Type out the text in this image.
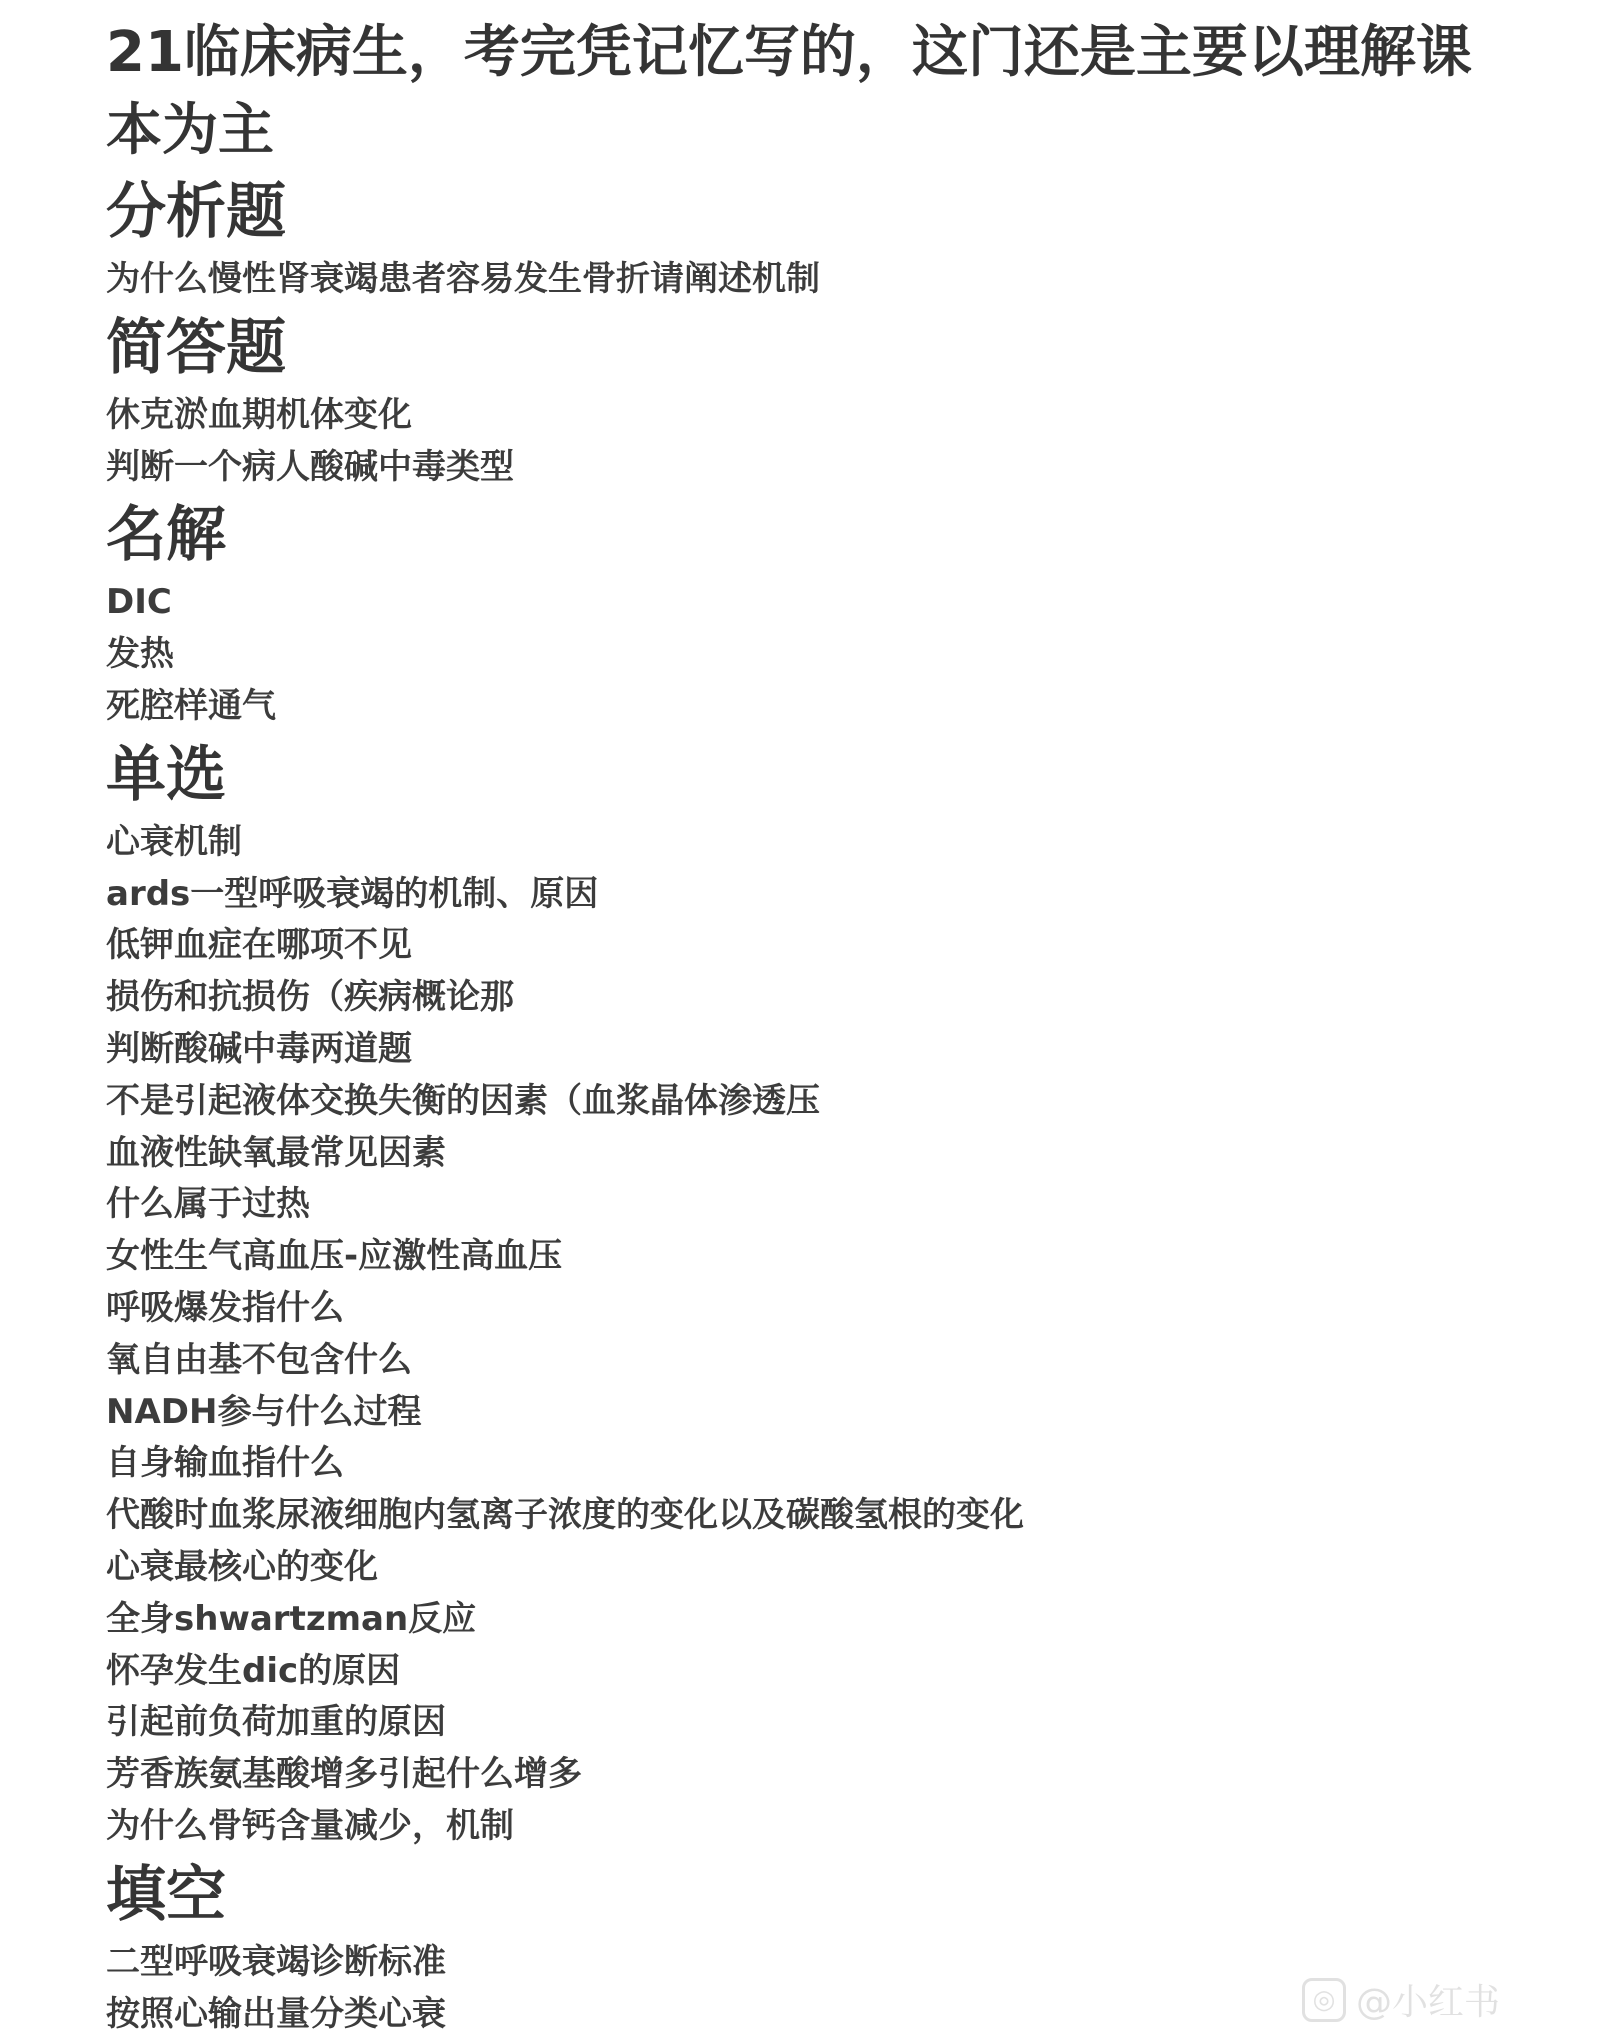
21临床病生，考完凭记忆写的，这门还是主要以理解课本为主
分析题

为什么慢性肾衰竭患者容易发生骨折请阐述机制

简答题

休克淤血期机体变化

判断一个病人酸碱中毒类型

名解

DIC

发热

死腔样通气

单选

心衰机制

ards一型呼吸衰竭的机制、原因

低钾血症在哪项不见

损伤和抗损伤（疾病概论那

判断酸碱中毒两道题

不是引起液体交换失衡的因素（血浆晶体渗透压

血液性缺氧最常见因素

什么属于过热

女性生气高血压-应激性高血压

呼吸爆发指什么

氧自由基不包含什么

NADH参与什么过程

自身输血指什么

代酸时血浆尿液细胞内氢离子浓度的变化以及碳酸氢根的变化

心衰最核心的变化

全身shwartzman反应

怀孕发生dic的原因

引起前负荷加重的原因

芳香族氨基酸增多引起什么增多

为什么骨钙含量减少，机制

填空

二型呼吸衰竭诊断标准

按照心输出量分类心衰	◎ @小红书
